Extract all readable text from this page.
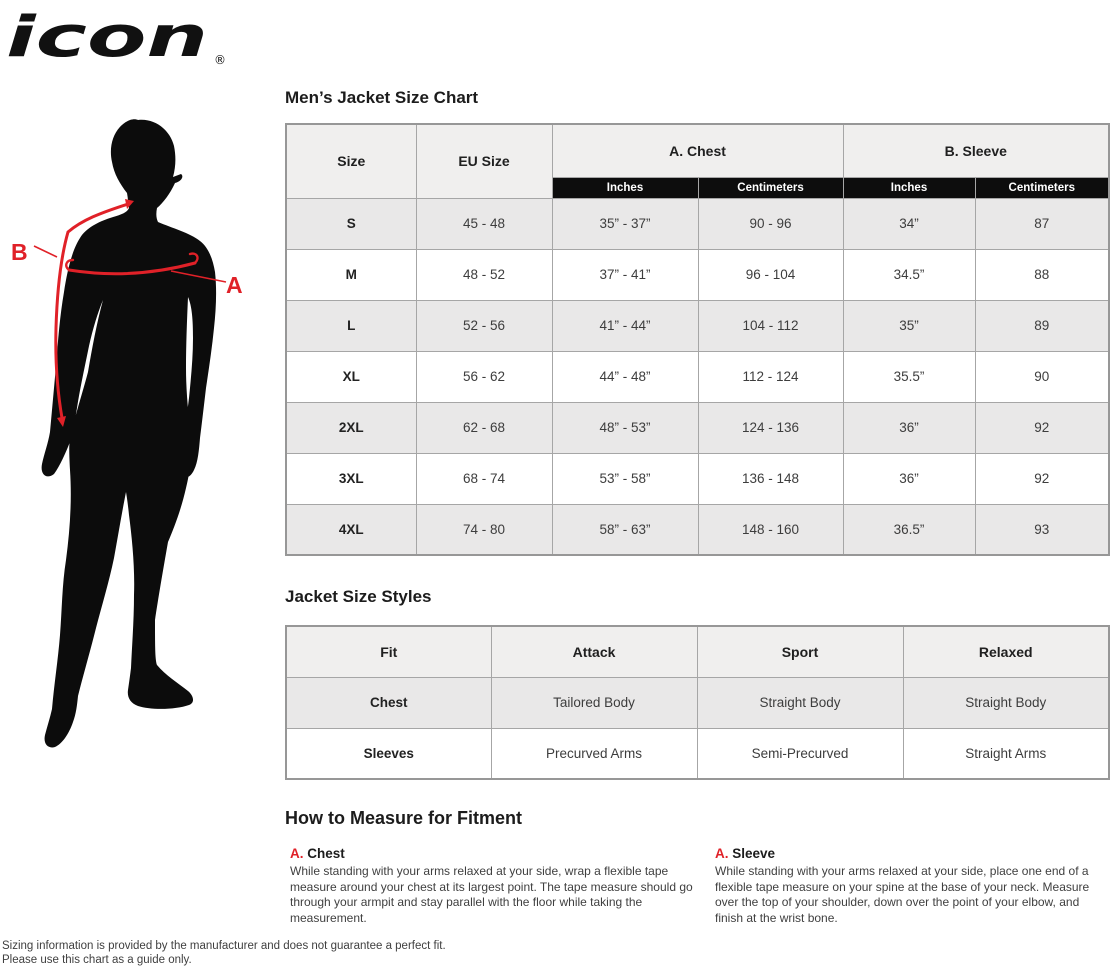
icon ®
B
A
Men’s Jacket Size Chart
Size	EU Size	A. Chest		B. Sleeve	
		Inches	Centimeters	Inches	Centimeters
S	45 - 48	35” - 37”	90 - 96	34”	87
M	48 - 52	37” - 41”	96 - 104	34.5”	88
L	52 - 56	41” - 44”	104 - 112	35”	89
XL	56 - 62	44” - 48”	112 - 124	35.5”	90
2XL	62 - 68	48” - 53”	124 - 136	36”	92
3XL	68 - 74	53” - 58”	136 - 148	36”	92
4XL	74 - 80	58” - 63”	148 - 160	36.5”	93
Jacket Size Styles
Fit	Attack	Sport	Relaxed
Chest	Tailored Body	Straight Body	Straight Body
Sleeves	Precurved Arms	Semi-Precurved	Straight Arms
How to Measure for Fitment
A. Chest
While standing with your arms relaxed at your side, wrap a flexible tape measure around your chest at its largest point. The tape measure should go through your armpit and stay parallel with the floor while taking the measurement.
A. Sleeve
While standing with your arms relaxed at your side, place one end of a flexible tape measure on your spine at the base of your neck. Measure over the top of your shoulder, down over the point of your elbow, and finish at the wrist bone.
Sizing information is provided by the manufacturer and does not guarantee a perfect fit.
Please use this chart as a guide only.
